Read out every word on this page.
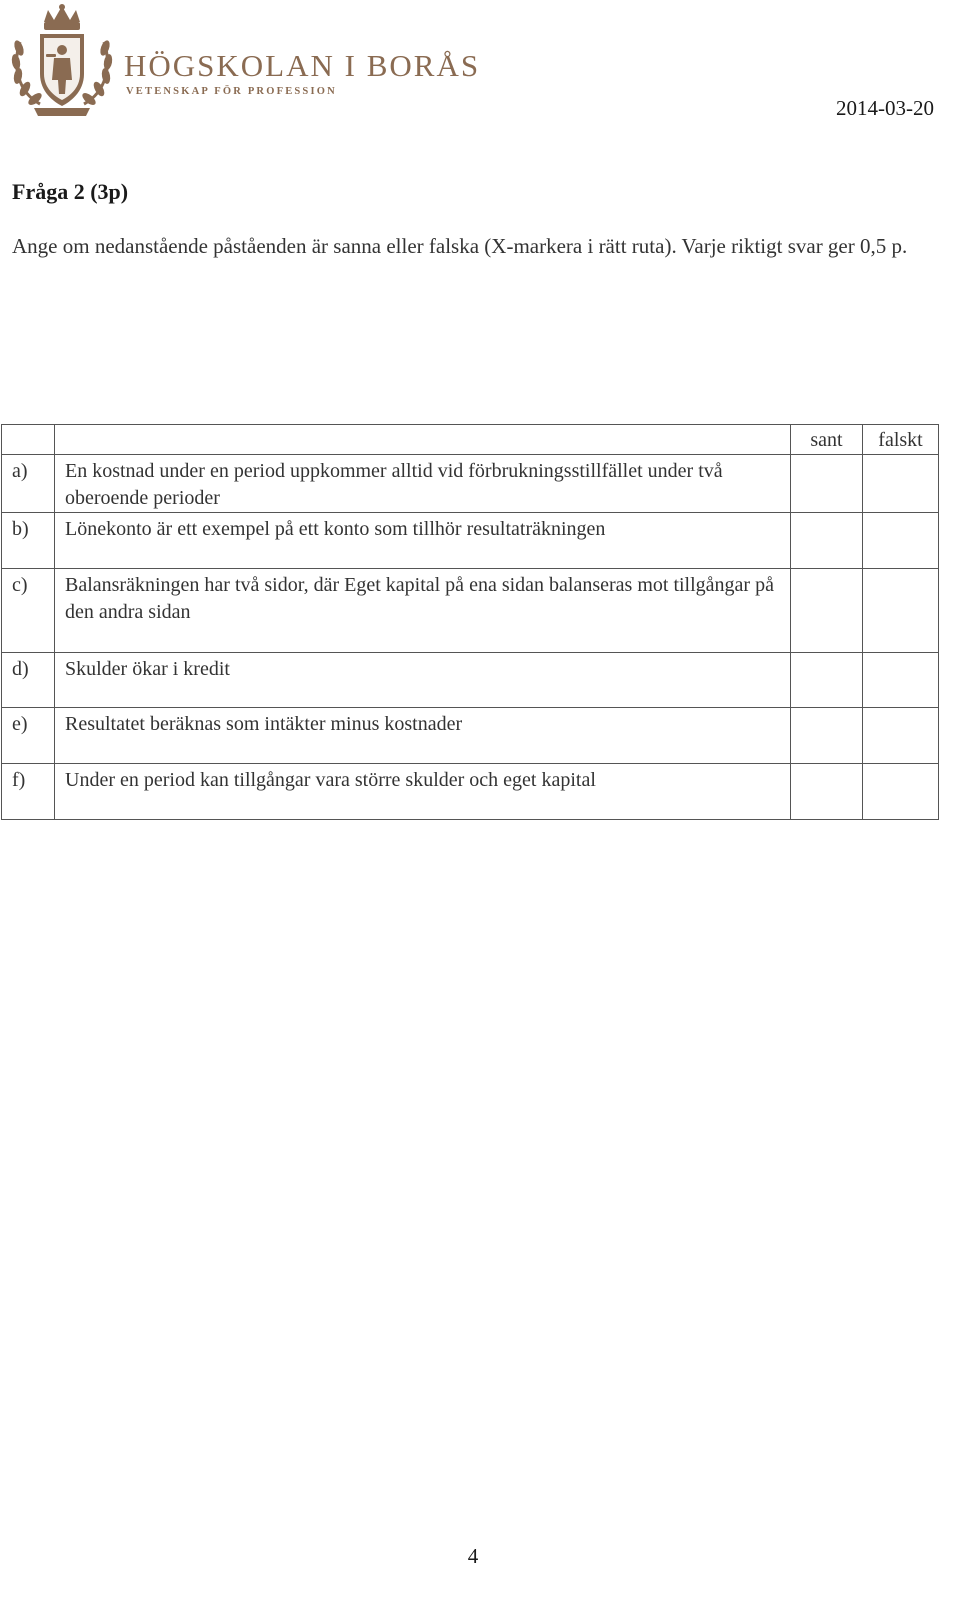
HÖGSKOLAN I BORÅS
VETENSKAP FÖR PROFESSION
2014-03-20
Fråga 2 (3p)

Ange om nedanstående påståenden är sanna eller falska (X-markera i rätt ruta). Varje riktigt svar ger 0,5 p.

		sant	falskt
a)	En kostnad under en period uppkommer alltid vid förbrukningsstillfället under två oberoende perioder		
b)	Lönekonto är ett exempel på ett konto som tillhör resultaträkningen		
c)	Balansräkningen har två sidor, där Eget kapital på ena sidan balanseras mot tillgångar på den andra sidan		
d)	Skulder ökar i kredit		
e)	Resultatet beräknas som intäkter minus kostnader		
f)	Under en period kan tillgångar vara större skulder och eget kapital		
4
